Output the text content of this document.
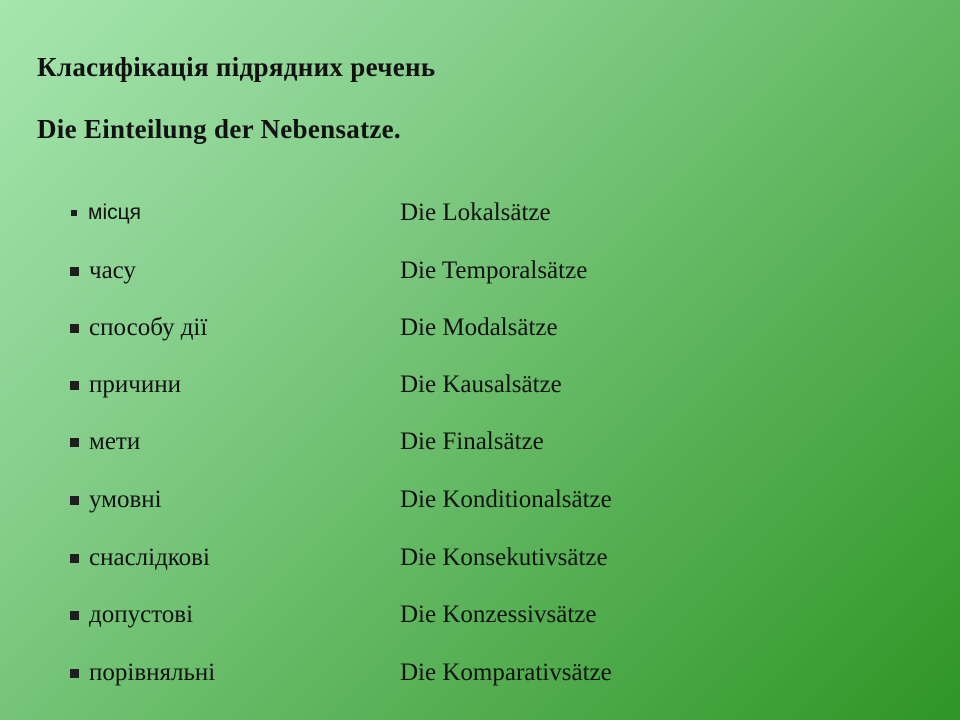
Класифікація підрядних речень
Die Einteilung der Nebensatze.
місця	Die Lokalsätze
часу	Die Temporalsätze
способу дії	Die Modalsätze
причини	Die Kausalsätze
мети	Die Finalsätze
умовні	Die Konditionalsätze
снаслідкові	Die Konsekutivsätze
допустові	Die Konzessivsätze
порівняльні	Die Komparativsätze
